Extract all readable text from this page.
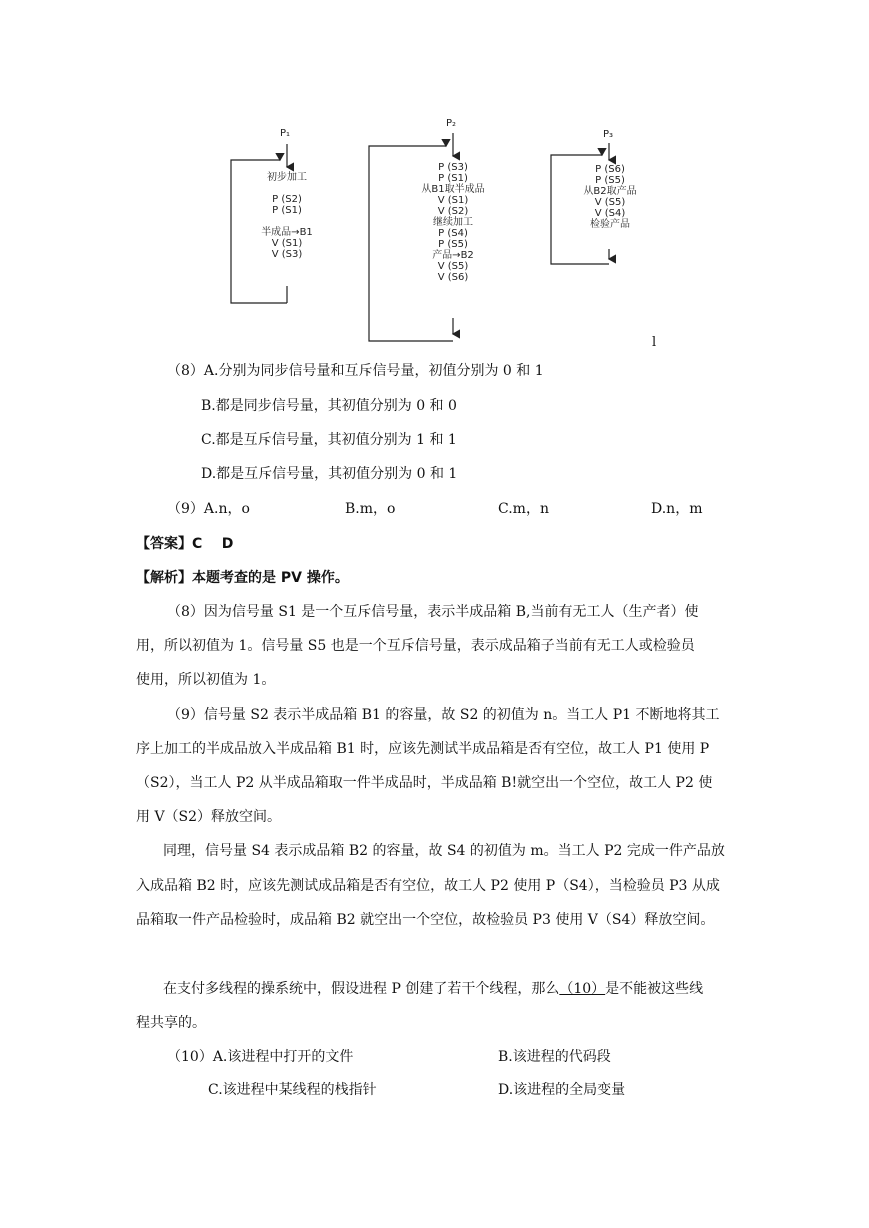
P₁
初步加工

P (S2)
P (S1)

半成品→B1
V (S1)
V (S3)
P₂
P (S3)
P (S1)
从B1取半成品
V (S1)
V (S2)
继续加工
P (S4)
P (S5)
产品→B2
V (S5)
V (S6)
P₃
P (S6)
P (S5)
从B2取产品
V (S5)
V (S4)
检验产品
l
（8）A.分别为同步信号量和互斥信号量，初值分别为 0 和 1
B.都是同步信号量，其初值分别为 0 和 0
C.都是互斥信号量，其初值分别为 1 和 1
D.都是互斥信号量，其初值分别为 0 和 1
（9）A.n，o	B.m，o	C.m，n	D.n，m
【答案】C    D
【解析】本题考查的是 PV 操作。
（8）因为信号量 S1 是一个互斥信号量，表示半成品箱 B,当前有无工人（生产者）使
用，所以初值为 1。信号量 S5 也是一个互斥信号量，表示成品箱子当前有无工人或检验员
使用，所以初值为 1。
（9）信号量 S2 表示半成品箱 B1 的容量，故 S2 的初值为 n。当工人 P1 不断地将其工
序上加工的半成品放入半成品箱 B1 时，应该先测试半成品箱是否有空位，故工人 P1 使用 P
（S2），当工人 P2 从半成品箱取一件半成品时，半成品箱 B!就空出一个空位，故工人 P2 使
用 V（S2）释放空间。
同理，信号量 S4 表示成品箱 B2 的容量，故 S4 的初值为 m。当工人 P2 完成一件产品放
入成品箱 B2 时，应该先测试成品箱是否有空位，故工人 P2 使用 P（S4），当检验员 P3 从成
品箱取一件产品检验时，成品箱 B2 就空出一个空位，故检验员 P3 使用 V（S4）释放空间。
在支付多线程的操系统中，假设进程 P 创建了若干个线程，那么（10）是不能被这些线
程共享的。
（10）A.该进程中打开的文件	B.该进程的代码段
C.该进程中某线程的栈指针	D.该进程的全局变量
